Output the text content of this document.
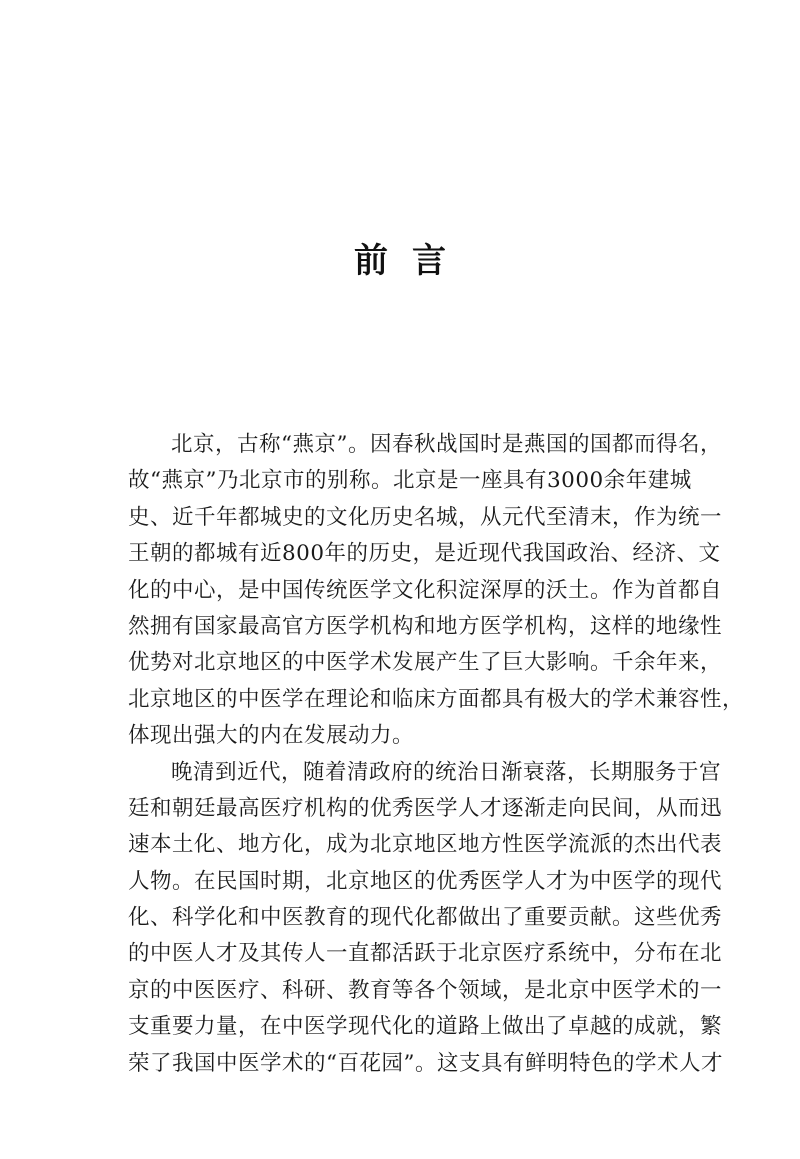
前言
北京，古称“燕京”。因春秋战国时是燕国的国都而得名，
故“燕京”乃北京市的别称。北京是一座具有3000余年建城
史、近千年都城史的文化历史名城，从元代至清末，作为统一
王朝的都城有近800年的历史，是近现代我国政治、经济、文
化的中心，是中国传统医学文化积淀深厚的沃土。作为首都自
然拥有国家最高官方医学机构和地方医学机构，这样的地缘性
优势对北京地区的中医学术发展产生了巨大影响。千余年来，
北京地区的中医学在理论和临床方面都具有极大的学术兼容性，
体现出强大的内在发展动力。
晚清到近代，随着清政府的统治日渐衰落，长期服务于宫
廷和朝廷最高医疗机构的优秀医学人才逐渐走向民间，从而迅
速本土化、地方化，成为北京地区地方性医学流派的杰出代表
人物。在民国时期，北京地区的优秀医学人才为中医学的现代
化、科学化和中医教育的现代化都做出了重要贡献。这些优秀
的中医人才及其传人一直都活跃于北京医疗系统中，分布在北
京的中医医疗、科研、教育等各个领域，是北京中医学术的一
支重要力量，在中医学现代化的道路上做出了卓越的成就，繁
荣了我国中医学术的“百花园”。这支具有鲜明特色的学术人才
